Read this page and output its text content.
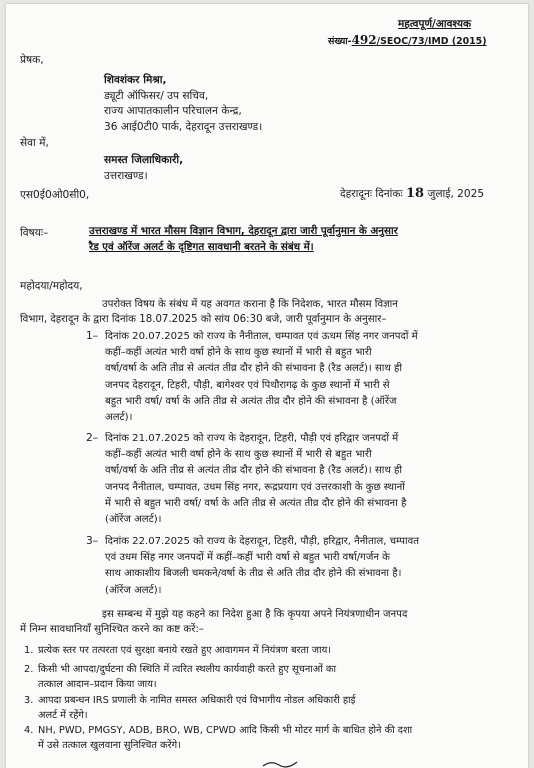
महत्वपूर्ण/आवश्यक
संख्या-492/SEOC/73/IMD (2015)
प्रेषक,
शिवशंकर मिश्रा,
ड्यूटी ऑफिसर/ उप सचिव,
राज्य आपातकालीन परिचालन केन्द्र,
36 आई0टी0 पार्क, देहरादून उत्तराखण्ड।
सेवा में,
समस्त जिलाधिकारी,
उत्तराखण्ड।
एस0ई0ओ0सी0,	देहरादूनः दिनांकः 18 जुलाई, 2025
विषयः–	उत्तराखण्ड में भारत मौसम विज्ञान विभाग, देहरादून द्वारा जारी पूर्वानुमान के अनुसार
रैड एवं ऑरेंज अलर्ट के दृष्टिगत सावधानी बरतने के संबंध में।
महोदया/महोदय,
उपरोक्त विषय के संबंध में यह अवगत कराना है कि निदेशक, भारत मौसम विज्ञान
विभाग, देहरादून के द्वारा दिनांक 18.07.2025 को सांय 06:30 बजे, जारी पूर्वानुमान के अनुसार–
1– दिनांक 20.07.2025 को राज्य के नैनीताल, चम्पावत एवं ऊधम सिंह नगर जनपदों में
कहीं–कहीं अत्यंत भारी वर्षा होने के साथ कुछ स्थानों में भारी से बहुत भारी
वर्षा/वर्षा के अति तीव्र से अत्यंत तीव्र दौर होने की संभावना है (रैड अलर्ट)। साथ ही
जनपद देहरादून, टिहरी, पौड़ी, बागेश्वर एवं पिथौरागढ़ के कुछ स्थानों में भारी से
बहुत भारी वर्षा/ वर्षा के अति तीव्र से अत्यंत तीव्र दौर होने की संभावना है (ऑरेंज
अलर्ट)।
2– दिनांक 21.07.2025 को राज्य के देहरादून, टिहरी, पौड़ी एवं हरिद्वार जनपदों में
कहीं–कहीं अत्यंत भारी वर्षा होने के साथ कुछ स्थानों में भारी से बहुत भारी
वर्षा/वर्षा के अति तीव्र से अत्यंत तीव्र दौर होने की संभावना है (रैड अलर्ट)। साथ ही
जनपद नैनीताल, चम्पावत, उधम सिंह नगर, रूद्रप्रयाग एवं उत्तरकाशी के कुछ स्थानों
में भारी से बहुत भारी वर्षा/ वर्षा के अति तीव्र से अत्यंत तीव्र दौर होने की संभावना है
(ऑरेंज अलर्ट)।
3– दिनांक 22.07.2025 को राज्य के देहरादून, टिहरी, पौड़ी, हरिद्वार, नैनीताल, चम्पावत
एवं उधम सिंह नगर जनपदों में कहीं–कहीं भारी वर्षा से बहुत भारी वर्षा/गर्जन के
साथ आकाशीय बिजली चमकने/वर्षा के तीव्र से अति तीव्र दौर होने की संभावना है।
(ऑरेंज अलर्ट)।
इस सम्बन्ध में मुझे यह कहने का निदेश हुआ है कि कृपया अपने नियंत्रणाधीन जनपद
में निम्न सावधानियाँ सुनिश्चित करने का कष्ट करें:–
1. प्रत्येक स्तर पर तत्परता एवं सुरक्षा बनाये रखते हुए आवागमन में नियंत्रण बरता जाय।
2. किसी भी आपदा/दुर्घटना की स्थिति में त्वरित स्थलीय कार्यवाही करते हुए सूचनाओं का
तत्काल आदान–प्रदान किया जाय।
3. आपदा प्रबन्धन IRS प्रणाली के नामित समस्त अधिकारी एवं विभागीय नोडल अधिकारी हाई
अलर्ट में रहेंगे।
4. NH, PWD, PMGSY, ADB, BRO, WB, CPWD आदि किसी भी मोटर मार्ग के बाधित होने की दशा
में उसे तत्काल खुलवाना सुनिश्चित करेंगे।
